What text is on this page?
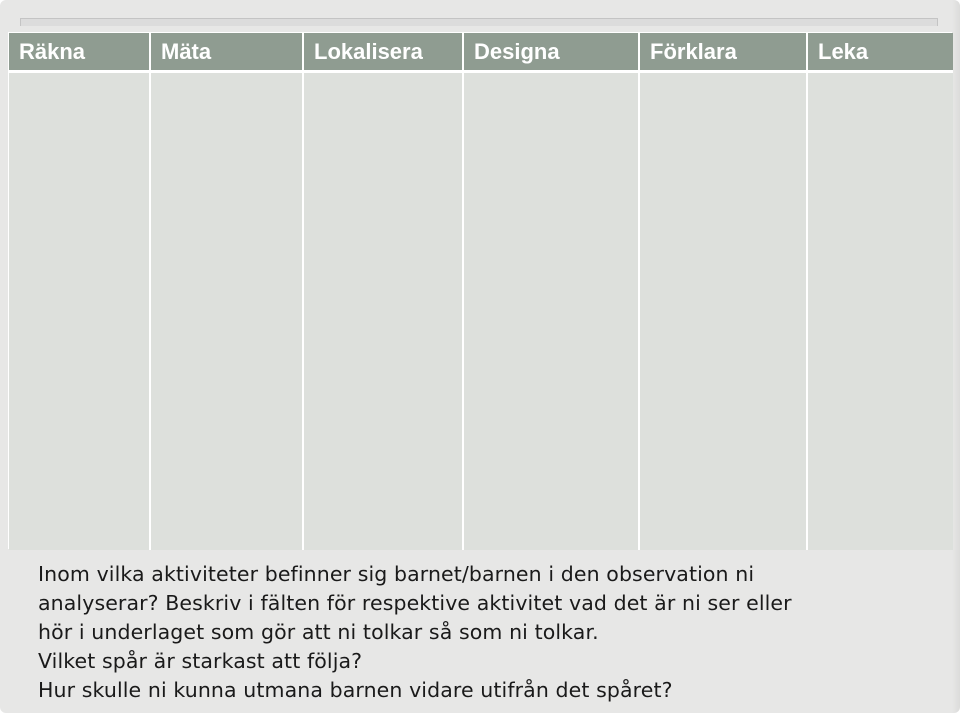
Räkna	Mäta	Lokalisera	Designa	Förklara	Leka

Inom vilka aktiviteter befinner sig barnet/barnen i den observation ni

analyserar? Beskriv i fälten för respektive aktivitet vad det är ni ser eller

hör i underlaget som gör att ni tolkar så som ni tolkar.

Vilket spår är starkast att följa?

Hur skulle ni kunna utmana barnen vidare utifrån det spåret?
